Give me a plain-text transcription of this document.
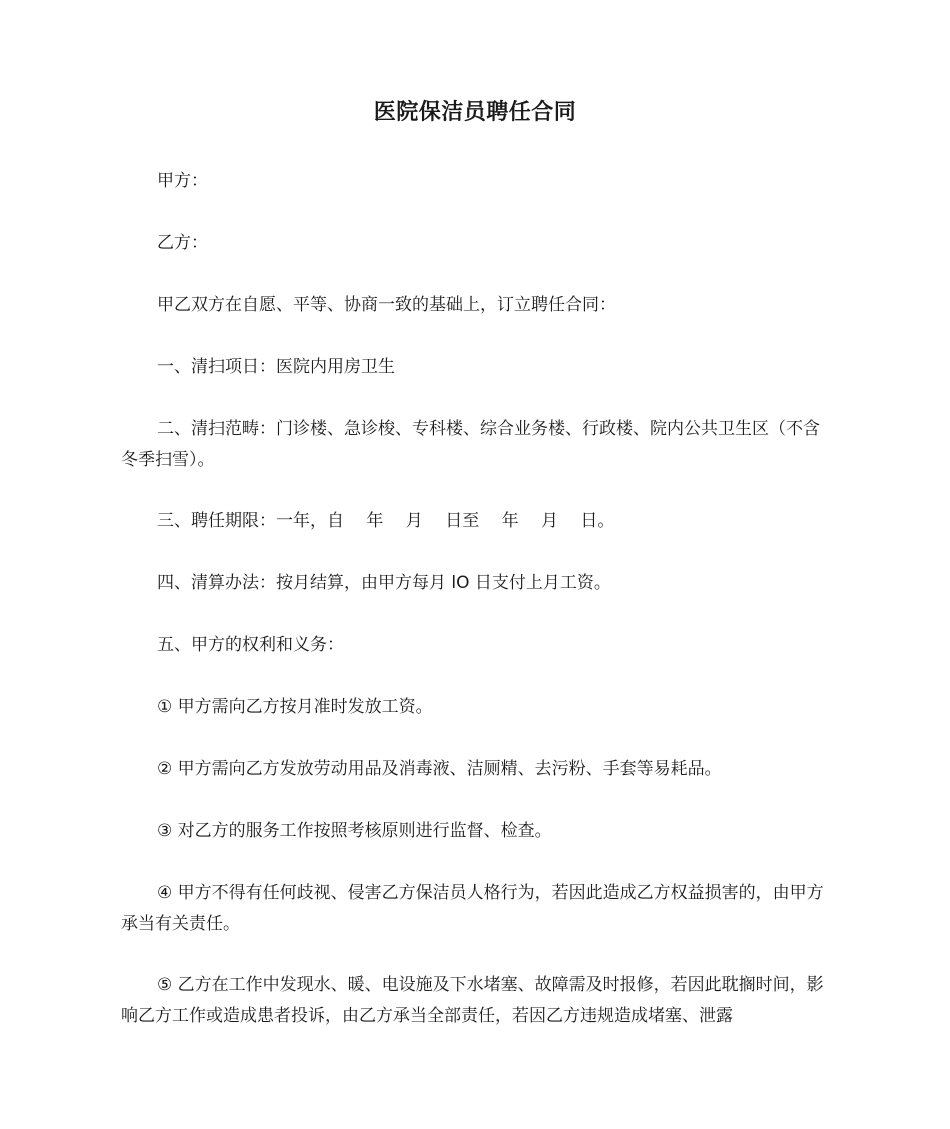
医院保洁员聘任合同

甲方：

乙方：

甲乙双方在自愿、平等、协商一致的基础上，订立聘任合同：

一、清扫项日：医院内用房卫生

二、清扫范畴：门诊楼、急诊梭、专科楼、综合业务楼、行政楼、院内公共卫生区（不含冬季扫雪）。

三、聘任期限：一年，自　 年　 月　 日至　 年　 月　 日。

四、清算办法：按月结算，由甲方每月 lO 日支付上月工资。

五、甲方的权利和义务：

① 甲方需向乙方按月准时发放工资。

② 甲方需向乙方发放劳动用品及消毒液、洁厕精、去污粉、手套等易耗品。

③ 对乙方的服务工作按照考核原则进行监督、检查。

④ 甲方不得有任何歧视、侵害乙方保洁员人格行为，若因此造成乙方权益损害的，由甲方承当有关责任。

⑤ 乙方在工作中发现水、暖、电设施及下水堵塞、故障需及时报修，若因此耽搁时间，影响乙方工作或造成患者投诉，由乙方承当全部责任，若因乙方违规造成堵塞、泄露
